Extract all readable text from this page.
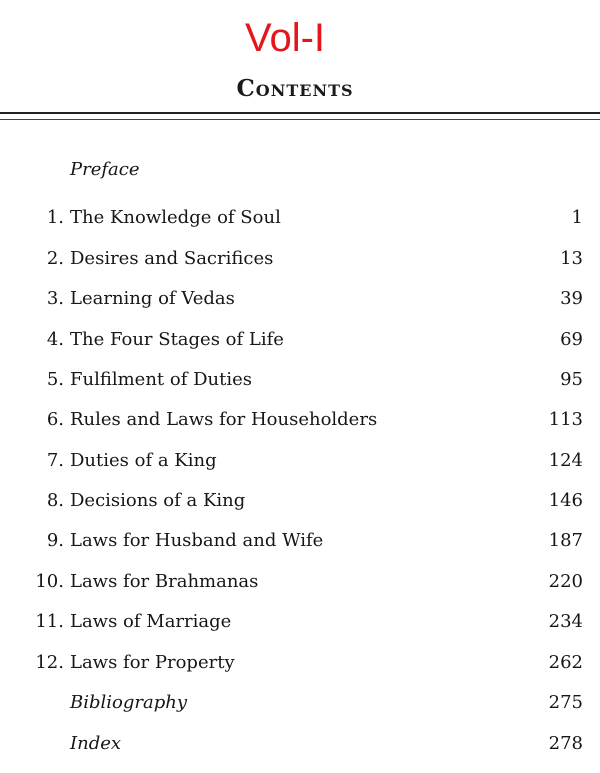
Vol-I
Contents
Preface
1. The Knowledge of Soul	1
2. Desires and Sacrifices	13
3. Learning of Vedas	39
4. The Four Stages of Life	69
5. Fulfilment of Duties	95
6. Rules and Laws for Householders	113
7. Duties of a King	124
8. Decisions of a King	146
9. Laws for Husband and Wife	187
10. Laws for Brahmanas	220
11. Laws of Marriage	234
12. Laws for Property	262
Bibliography	275
Index	278
